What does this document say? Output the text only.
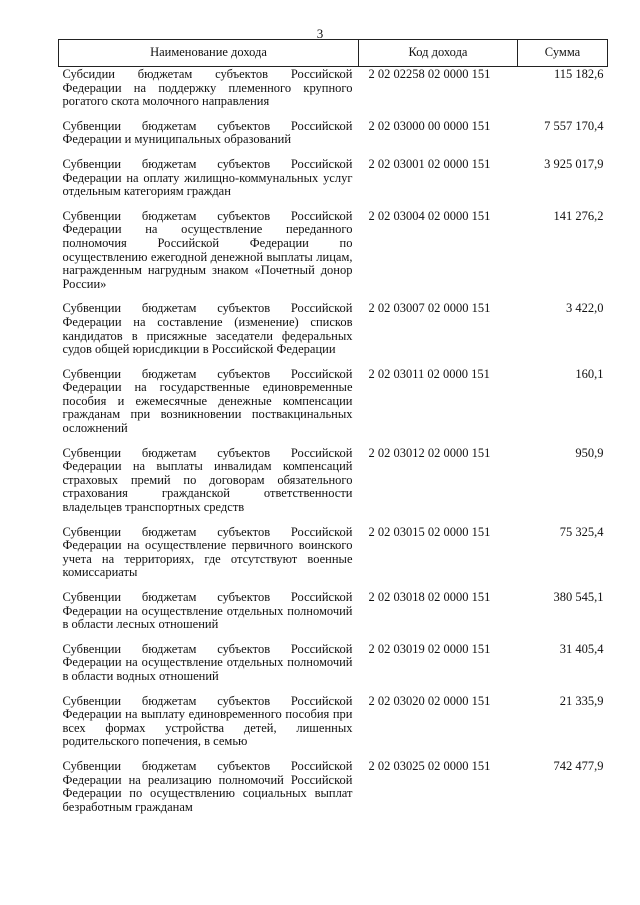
3
Наименование дохода	Код дохода	Сумма
Субсидии бюджетам субъектов Российской Федерации на поддержку племенного крупного рогатого скота молочного направления	2 02 02258 02 0000 151	115 182,6
Субвенции бюджетам субъектов Российской Федерации и муниципальных образований	2 02 03000 00 0000 151	7 557 170,4
Субвенции бюджетам субъектов Российской Федерации на оплату жилищно-коммунальных услуг отдельным категориям граждан	2 02 03001 02 0000 151	3 925 017,9
Субвенции бюджетам субъектов Российской Федерации на осуществление переданного полномочия Российской Федерации по осуществлению ежегодной денежной выплаты лицам, награжденным нагрудным знаком «Почетный донор России»	2 02 03004 02 0000 151	141 276,2
Субвенции бюджетам субъектов Российской Федерации на составление (изменение) списков кандидатов в присяжные заседатели федеральных судов общей юрисдикции в Российской Федерации	2 02 03007 02 0000 151	3 422,0
Субвенции бюджетам субъектов Российской Федерации на государственные единовременные пособия и ежемесячные денежные компенсации гражданам при возникновении поствакцинальных осложнений	2 02 03011 02 0000 151	160,1
Субвенции бюджетам субъектов Российской Федерации на выплаты инвалидам компенсаций страховых премий по договорам обязательного страхования гражданской ответственности владельцев транспортных средств	2 02 03012 02 0000 151	950,9
Субвенции бюджетам субъектов Российской Федерации на осуществление первичного воинского учета на территориях, где отсутствуют военные комиссариаты	2 02 03015 02 0000 151	75 325,4
Субвенции бюджетам субъектов Российской Федерации на осуществление отдельных полномочий в области лесных отношений	2 02 03018 02 0000 151	380 545,1
Субвенции бюджетам субъектов Российской Федерации на осуществление отдельных полномочий в области водных отношений	2 02 03019 02 0000 151	31 405,4
Субвенции бюджетам субъектов Российской Федерации на выплату единовременного пособия при всех формах устройства детей, лишенных родительского попечения, в семью	2 02 03020 02 0000 151	21 335,9
Субвенции бюджетам субъектов Российской Федерации на реализацию полномочий Российской Федерации по осуществлению социальных выплат безработным гражданам	2 02 03025 02 0000 151	742 477,9
